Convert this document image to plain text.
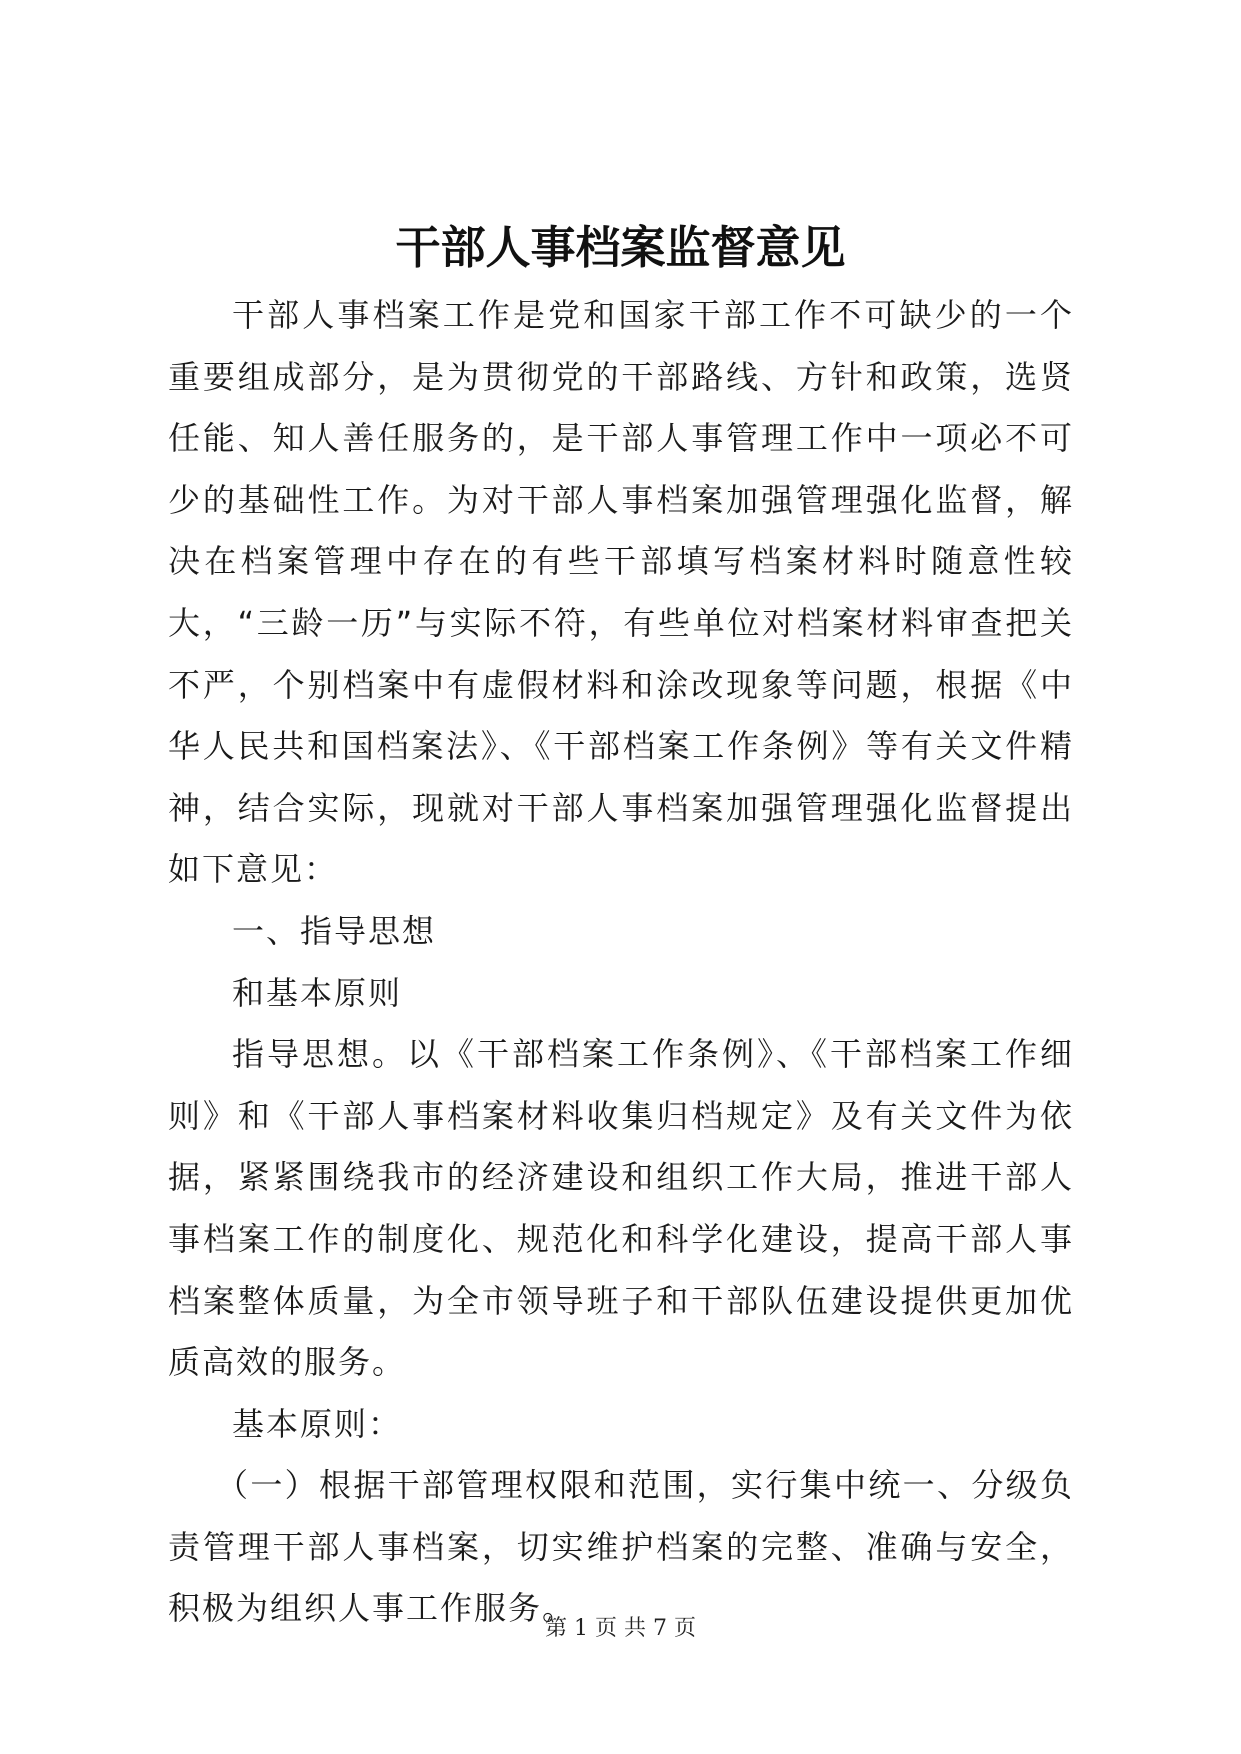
干部人事档案监督意见

干部人事档案工作是党和国家干部工作不可缺少的一个重要组成部分，是为贯彻党的干部路线、方针和政策，选贤任能、知人善任服务的，是干部人事管理工作中一项必不可少的基础性工作。为对干部人事档案加强管理强化监督，解决在档案管理中存在的有些干部填写档案材料时随意性较大，“三龄一历”与实际不符，有些单位对档案材料审查把关不严，个别档案中有虚假材料和涂改现象等问题，根据《中华人民共和国档案法》、《干部档案工作条例》等有关文件精神，结合实际，现就对干部人事档案加强管理强化监督提出如下意见：

一、指导思想

和基本原则

指导思想。以《干部档案工作条例》、《干部档案工作细则》和《干部人事档案材料收集归档规定》及有关文件为依据，紧紧围绕我市的经济建设和组织工作大局，推进干部人事档案工作的制度化、规范化和科学化建设，提高干部人事档案整体质量，为全市领导班子和干部队伍建设提供更加优质高效的服务。

基本原则：

（一）根据干部管理权限和范围，实行集中统一、分级负责管理干部人事档案，切实维护档案的完整、准确与安全，积极为组织人事工作服务。

第 1 页 共 7 页
